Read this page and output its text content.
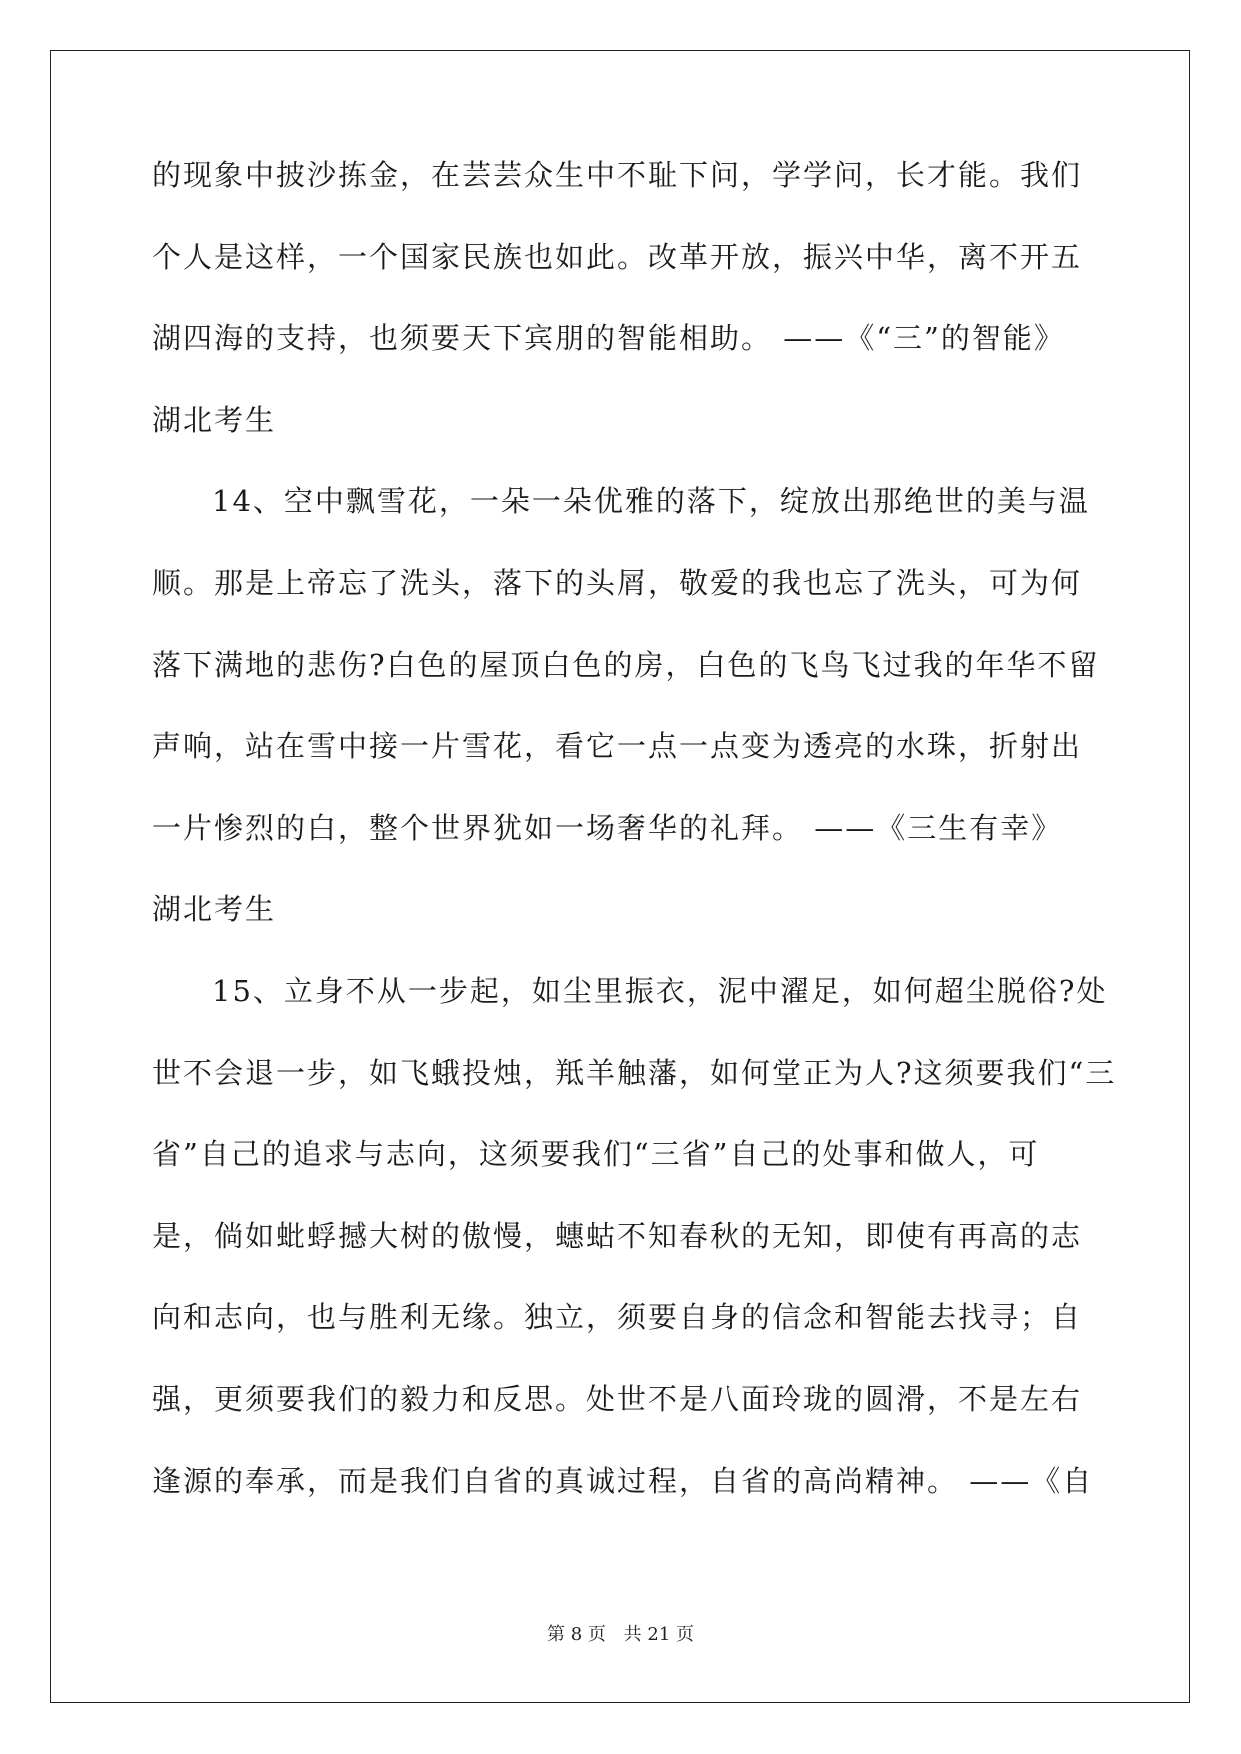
的现象中披沙拣金，在芸芸众生中不耻下问，学学问，长才能。我们
个人是这样，一个国家民族也如此。改革开放，振兴中华，离不开五
湖四海的支持，也须要天下宾朋的智能相助。 ——《“三”的智能》
湖北考生
14、空中飘雪花，一朵一朵优雅的落下，绽放出那绝世的美与温
顺。那是上帝忘了洗头，落下的头屑，敬爱的我也忘了洗头，可为何
落下满地的悲伤?白色的屋顶白色的房，白色的飞鸟飞过我的年华不留
声响，站在雪中接一片雪花，看它一点一点变为透亮的水珠，折射出
一片惨烈的白，整个世界犹如一场奢华的礼拜。 ——《三生有幸》
湖北考生
15、立身不从一步起，如尘里振衣，泥中濯足，如何超尘脱俗?处
世不会退一步，如飞蛾投烛，羝羊触藩，如何堂正为人?这须要我们“三
省”自己的追求与志向，这须要我们“三省”自己的处事和做人，可
是，倘如蚍蜉撼大树的傲慢，蟪蛄不知春秋的无知，即使有再高的志
向和志向，也与胜利无缘。独立，须要自身的信念和智能去找寻；自
强，更须要我们的毅力和反思。处世不是八面玲珑的圆滑，不是左右
逢源的奉承，而是我们自省的真诚过程，自省的高尚精神。 ——《自
第 8 页 共 21 页
